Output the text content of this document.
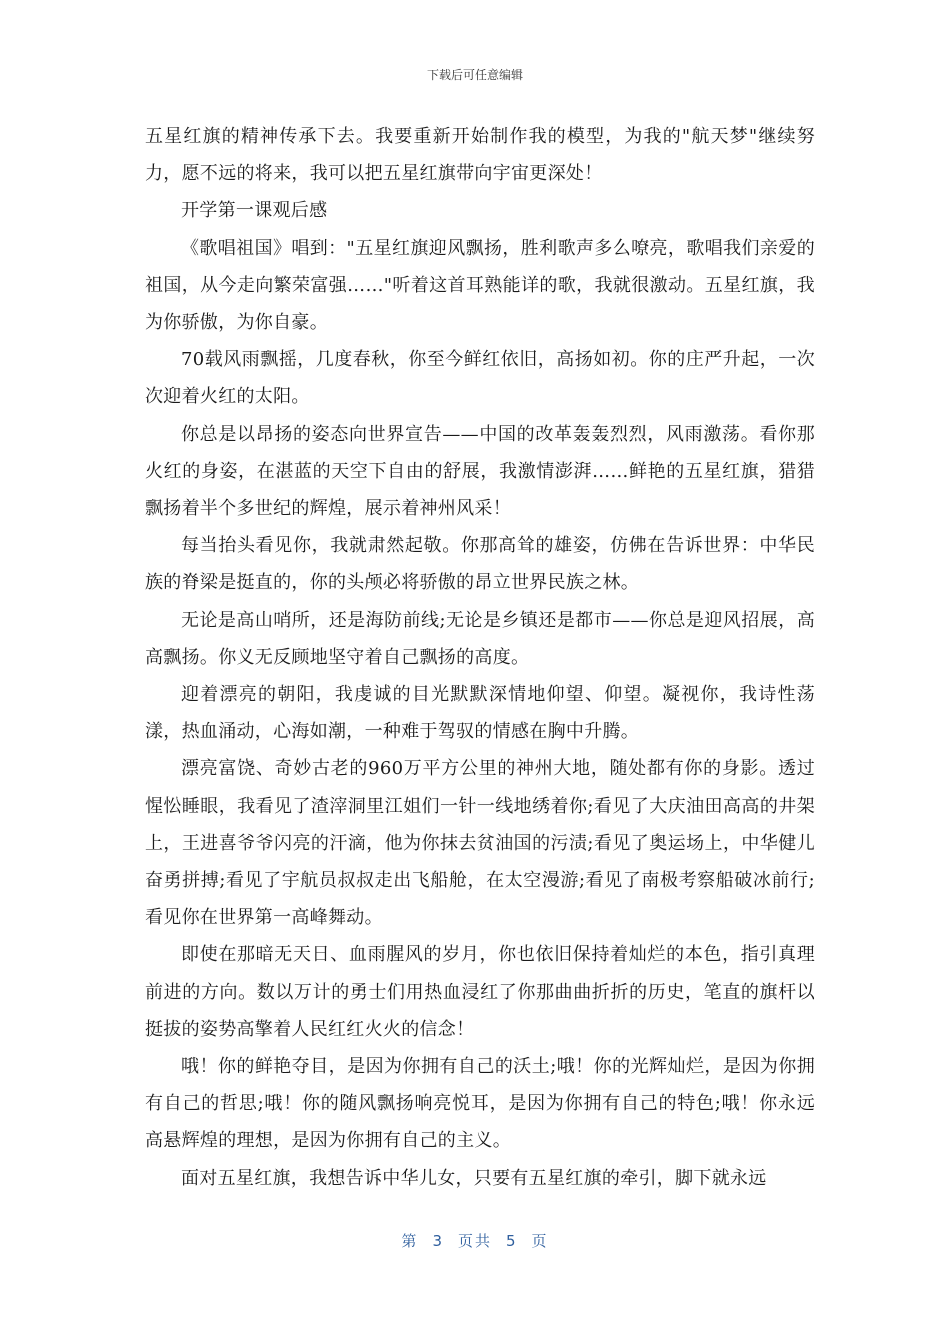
下载后可任意编辑

五星红旗的精神传承下去。我要重新开始制作我的模型，为我的"航天梦"继续努力，愿不远的将来，我可以把五星红旗带向宇宙更深处！

开学第一课观后感

《歌唱祖国》唱到："五星红旗迎风飘扬，胜利歌声多么嘹亮，歌唱我们亲爱的祖国，从今走向繁荣富强……"听着这首耳熟能详的歌，我就很激动。五星红旗，我为你骄傲，为你自豪。

70载风雨飘摇，几度春秋，你至今鲜红依旧，高扬如初。你的庄严升起，一次次迎着火红的太阳。

你总是以昂扬的姿态向世界宣告——中国的改革轰轰烈烈，风雨激荡。看你那火红的身姿，在湛蓝的天空下自由的舒展，我激情澎湃……鲜艳的五星红旗，猎猎飘扬着半个多世纪的辉煌，展示着神州风采！

每当抬头看见你，我就肃然起敬。你那高耸的雄姿，仿佛在告诉世界：中华民族的脊梁是挺直的，你的头颅必将骄傲的昂立世界民族之林。

无论是高山哨所，还是海防前线;无论是乡镇还是都市——你总是迎风招展，高高飘扬。你义无反顾地坚守着自己飘扬的高度。

迎着漂亮的朝阳，我虔诚的目光默默深情地仰望、仰望。凝视你，我诗性荡漾，热血涌动，心海如潮，一种难于驾驭的情感在胸中升腾。

漂亮富饶、奇妙古老的960万平方公里的神州大地，随处都有你的身影。透过惺忪睡眼，我看见了渣滓洞里江姐们一针一线地绣着你;看见了大庆油田高高的井架上，王进喜爷爷闪亮的汗滴，他为你抹去贫油国的污渍;看见了奥运场上，中华健儿奋勇拼搏;看见了宇航员叔叔走出飞船舱，在太空漫游;看见了南极考察船破冰前行;看见你在世界第一高峰舞动。

即使在那暗无天日、血雨腥风的岁月，你也依旧保持着灿烂的本色，指引真理前进的方向。数以万计的勇士们用热血浸红了你那曲曲折折的历史，笔直的旗杆以挺拔的姿势高擎着人民红红火火的信念！

哦！你的鲜艳夺目，是因为你拥有自己的沃土;哦！你的光辉灿烂，是因为你拥有自己的哲思;哦！你的随风飘扬响亮悦耳，是因为你拥有自己的特色;哦！你永远高悬辉煌的理想，是因为你拥有自己的主义。

面对五星红旗，我想告诉中华儿女，只要有五星红旗的牵引，脚下就永远

第 3 页共 5 页
